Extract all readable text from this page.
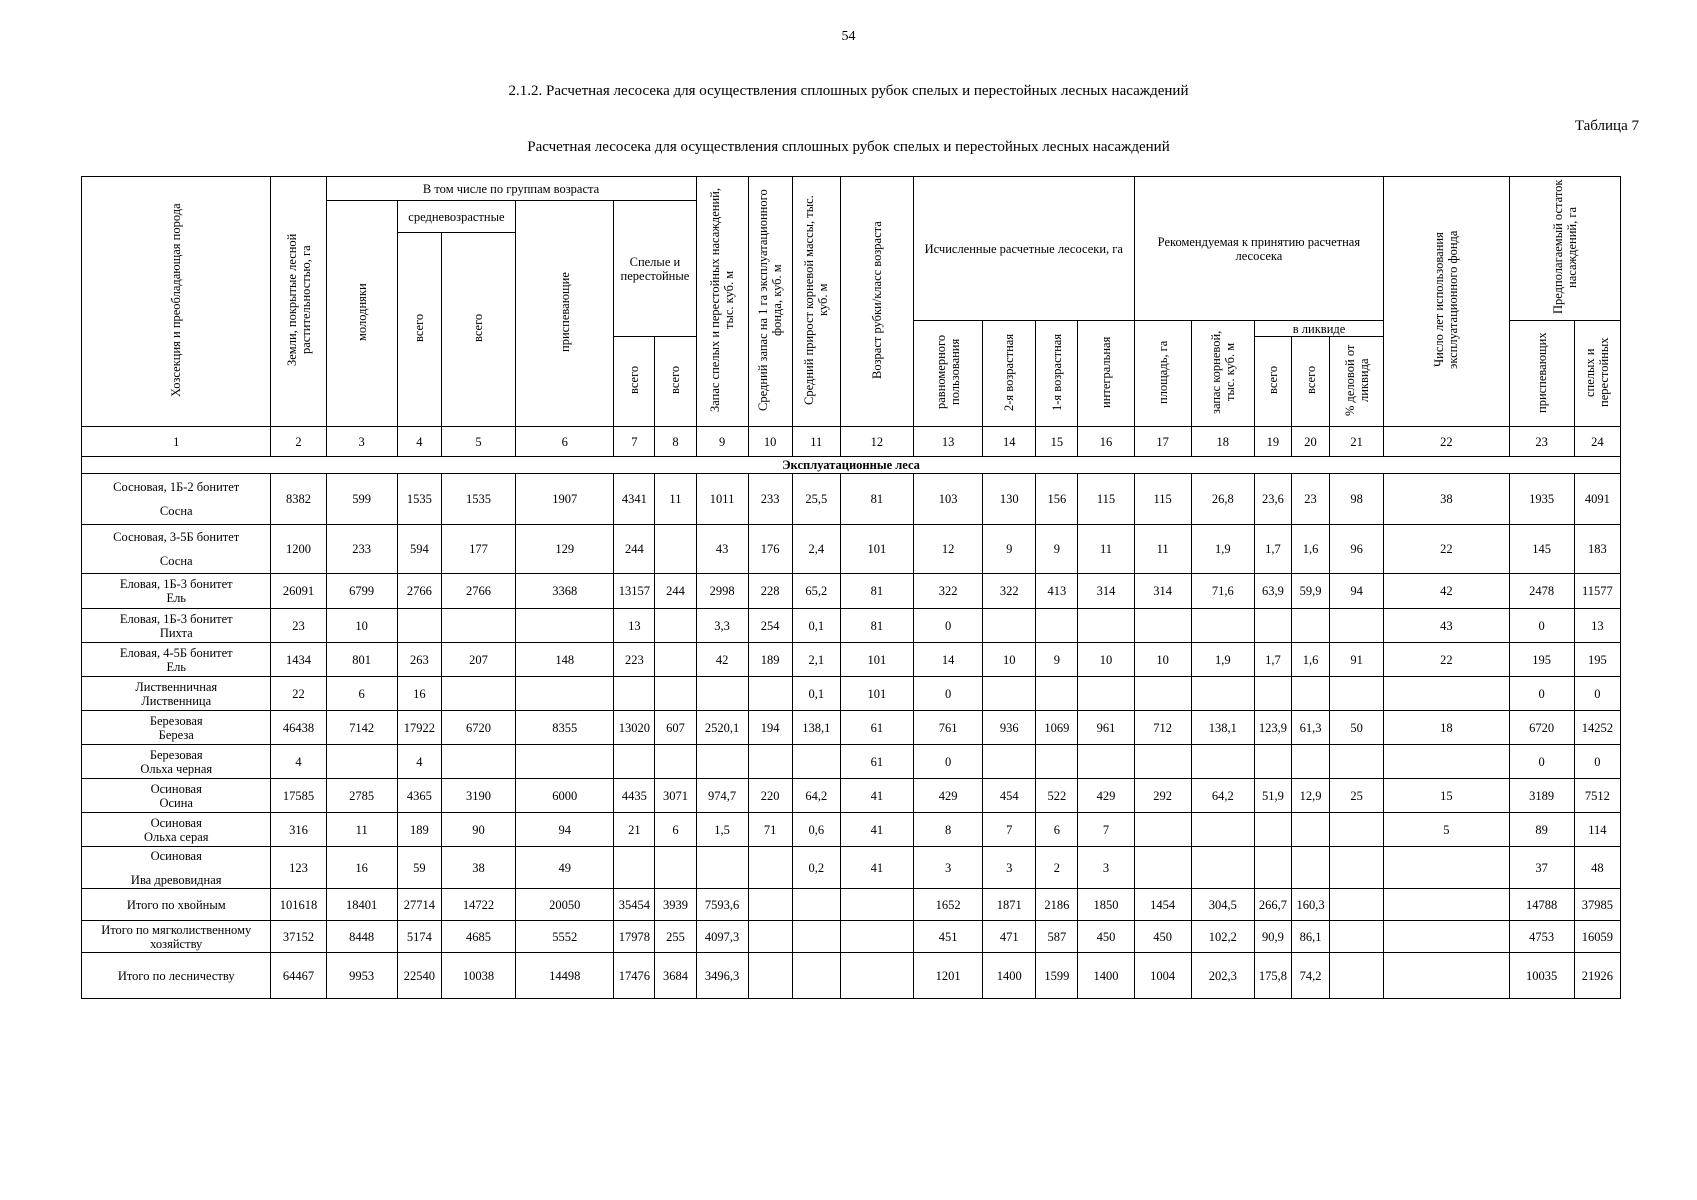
54
2.1.2. Расчетная лесосека для осуществления сплошных рубок спелых и перестойных лесных насаждений
Таблица 7
Расчетная лесосека для осуществления сплошных рубок спелых и перестойных лесных насаждений
Хозсекция и преобладающая порода	Земли, покрытые лесной растительностью, га	В том числе по группам возраста						Запас спелых и перестойных насаждений, тыс. куб. м	Средний запас на 1 га эксплуатационного фонда, куб. м	Средний прирост корневой массы, тыс. куб. м	Возраст рубки/класс возраста	Исчисленные расчетные лесосеки, га				Рекомендуемая к принятию расчетная лесосека					Число лет использования эксплуатационного фонда	Предполагаемый остаток насаждений, га	
		молодняки	средневозрастные		приспевающие	Спелые и перестойные																	
			всего	всего																			
												равномерного пользования	2-я возрастная	1-я возрастная	интегральная	площадь, га	запас корневой, тыс. куб. м	в ликвиде				приспевающих	спелых и перестойных
						всего	всего											всего	всего	% деловой от ликвида			
1	2	3	4	5	6	7	8	9	10	11	12	13	14	15	16	17	18	19	20	21	22	23	24
Эксплуатационные леса																							

Сосновая, 1Б-2 бонитет
Сосна	8382	599	1535	1535	1907	4341	11	1011	233	25,5	81	103	130	156	115	115	26,8	23,6	23	98	38	1935	4091

Сосновая, 3-5Б бонитет
Сосна	1200	233	594	177	129	244		43	176	2,4	101	12	9	9	11	11	1,9	1,7	1,6	96	22	145	183

Еловая, 1Б-3 бонитет
Ель	26091	6799	2766	2766	3368	13157	244	2998	228	65,2	81	322	322	413	314	314	71,6	63,9	59,9	94	42	2478	11577

Еловая, 1Б-3 бонитет
Пихта	23	10				13		3,3	254	0,1	81	0									43	0	13

Еловая, 4-5Б бонитет
Ель	1434	801	263	207	148	223		42	189	2,1	101	14	10	9	10	10	1,9	1,7	1,6	91	22	195	195

Лиственничная
Лиственница	22	6	16							0,1	101	0										0	0

Березовая
Береза	46438	7142	17922	6720	8355	13020	607	2520,1	194	138,1	61	761	936	1069	961	712	138,1	123,9	61,3	50	18	6720	14252

Березовая
Ольха черная	4		4								61	0										0	0

Осиновая
Осина	17585	2785	4365	3190	6000	4435	3071	974,7	220	64,2	41	429	454	522	429	292	64,2	51,9	12,9	25	15	3189	7512

Осиновая
Ольха серая	316	11	189	90	94	21	6	1,5	71	0,6	41	8	7	6	7						5	89	114

Осиновая
Ива древовидная	123	16	59	38	49					0,2	41	3	3	2	3							37	48
Итого по хвойным	101618	18401	27714	14722	20050	35454	3939	7593,6				1652	1871	2186	1850	1454	304,5	266,7	160,3			14788	37985
Итого по мягколиственному хозяйству	37152	8448	5174	4685	5552	17978	255	4097,3				451	471	587	450	450	102,2	90,9	86,1			4753	16059
Итого по лесничеству	64467	9953	22540	10038	14498	17476	3684	3496,3				1201	1400	1599	1400	1004	202,3	175,8	74,2			10035	21926
